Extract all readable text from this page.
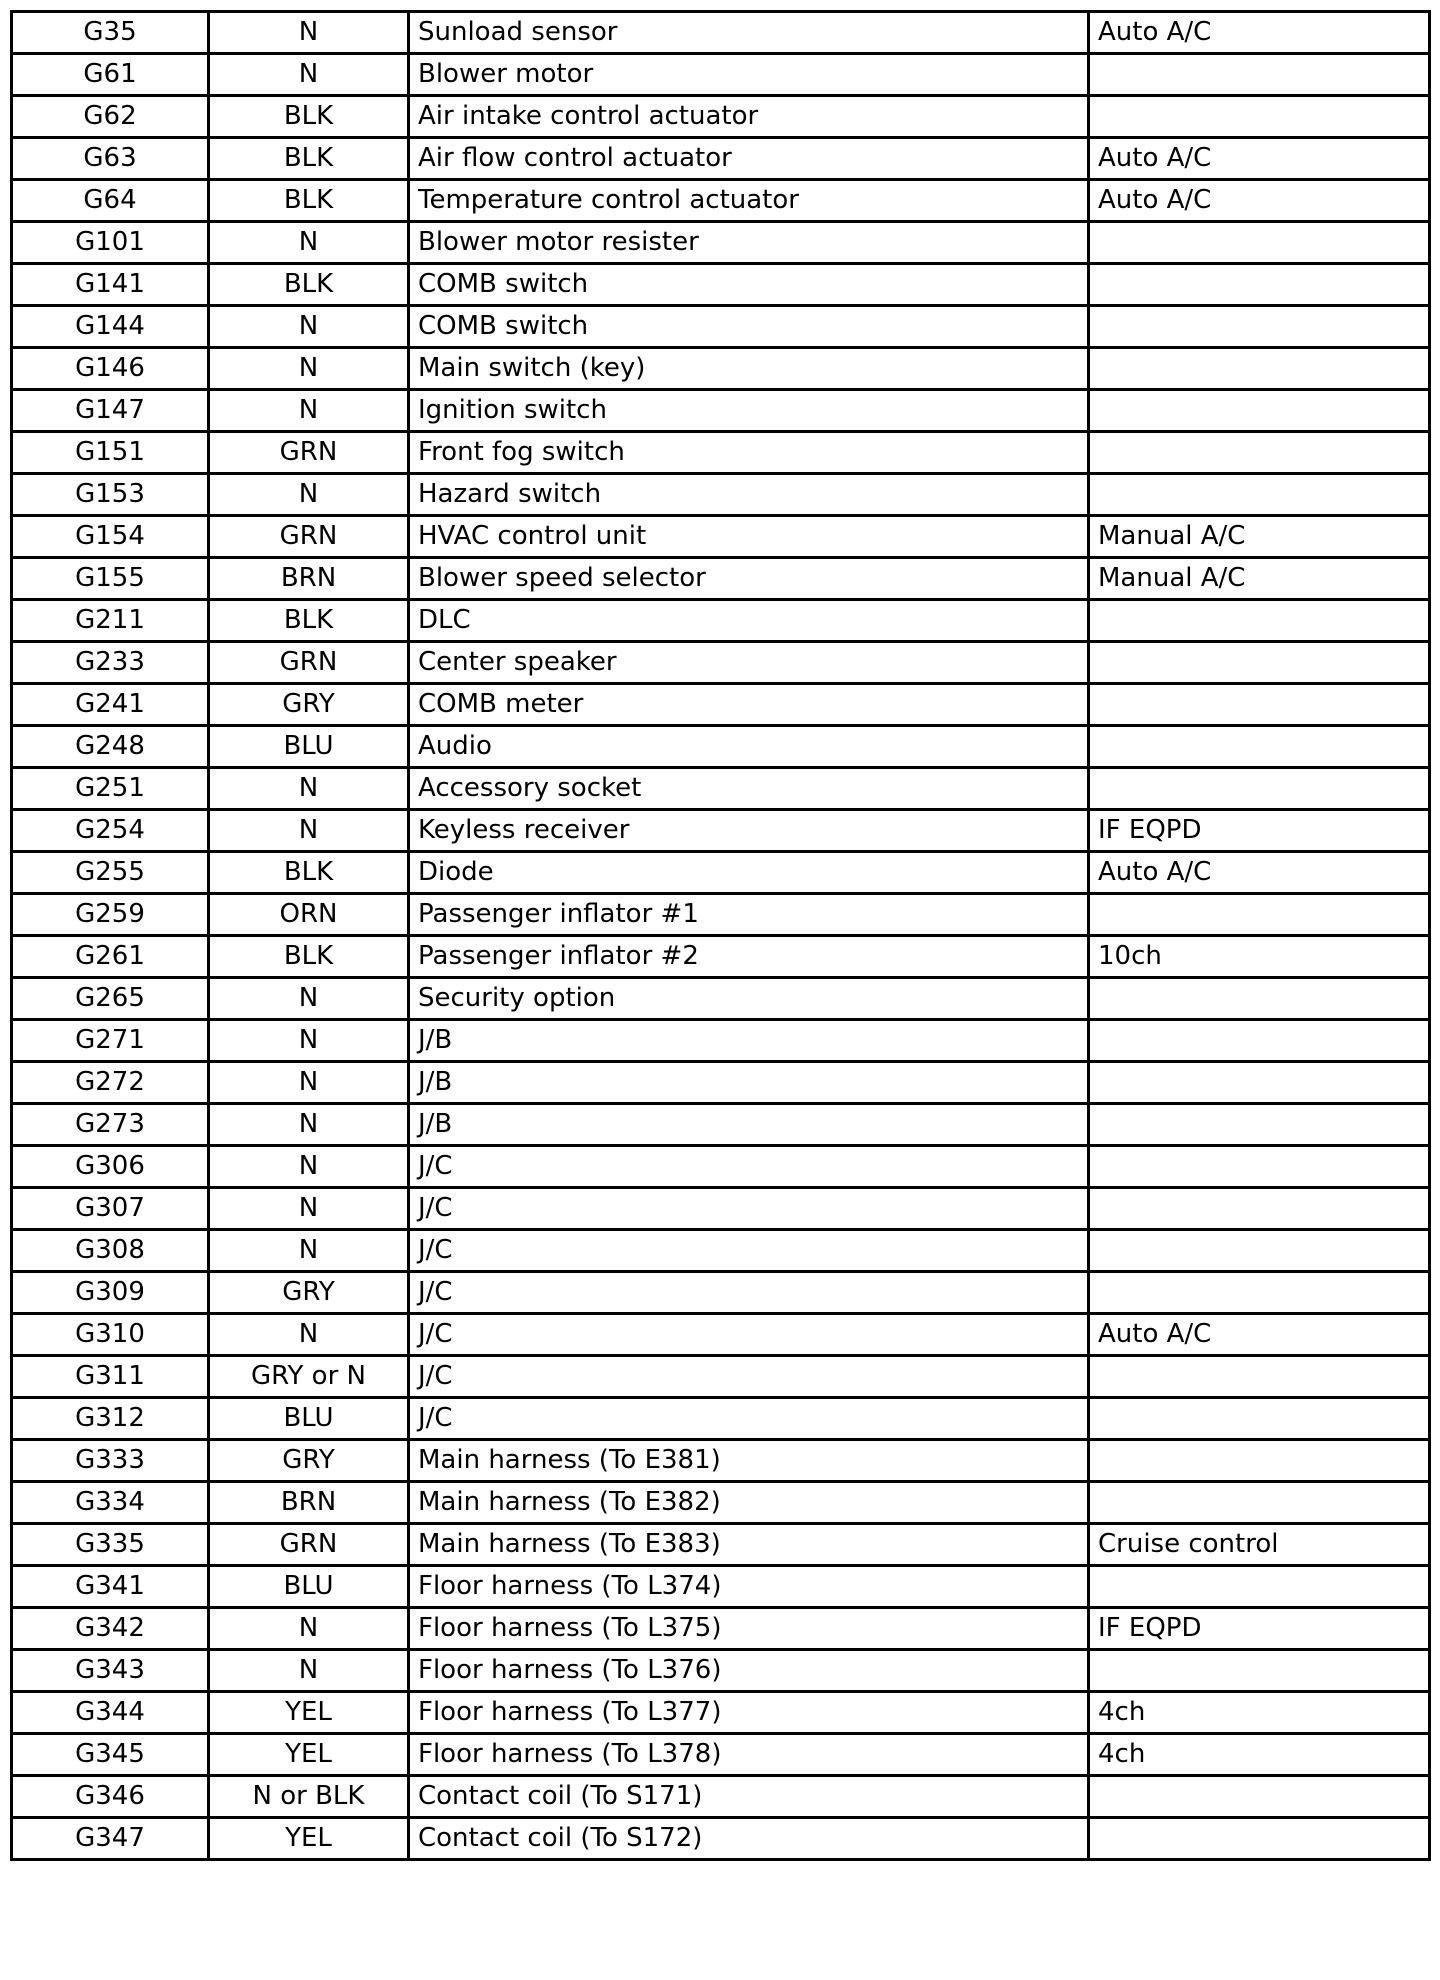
G35	N	Sunload sensor	Auto A/C
G61	N	Blower motor	
G62	BLK	Air intake control actuator	
G63	BLK	Air flow control actuator	Auto A/C
G64	BLK	Temperature control actuator	Auto A/C
G101	N	Blower motor resister	
G141	BLK	COMB switch	
G144	N	COMB switch	
G146	N	Main switch (key)	
G147	N	Ignition switch	
G151	GRN	Front fog switch	
G153	N	Hazard switch	
G154	GRN	HVAC control unit	Manual A/C
G155	BRN	Blower speed selector	Manual A/C
G211	BLK	DLC	
G233	GRN	Center speaker	
G241	GRY	COMB meter	
G248	BLU	Audio	
G251	N	Accessory socket	
G254	N	Keyless receiver	IF EQPD
G255	BLK	Diode	Auto A/C
G259	ORN	Passenger inflator #1	
G261	BLK	Passenger inflator #2	10ch
G265	N	Security option	
G271	N	J/B	
G272	N	J/B	
G273	N	J/B	
G306	N	J/C	
G307	N	J/C	
G308	N	J/C	
G309	GRY	J/C	
G310	N	J/C	Auto A/C
G311	GRY or N	J/C	
G312	BLU	J/C	
G333	GRY	Main harness (To E381)	
G334	BRN	Main harness (To E382)	
G335	GRN	Main harness (To E383)	Cruise control
G341	BLU	Floor harness (To L374)	
G342	N	Floor harness (To L375)	IF EQPD
G343	N	Floor harness (To L376)	
G344	YEL	Floor harness (To L377)	4ch
G345	YEL	Floor harness (To L378)	4ch
G346	N or BLK	Contact coil (To S171)	
G347	YEL	Contact coil (To S172)	
